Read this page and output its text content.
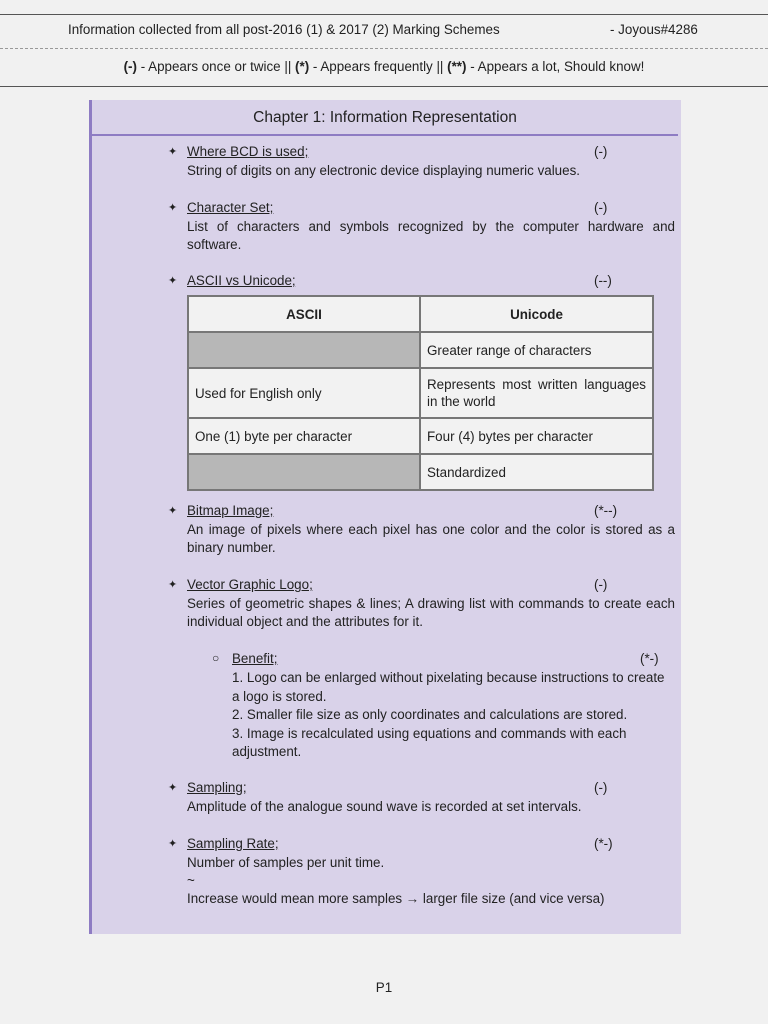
Information collected from all post-2016 (1) & 2017 (2) Marking Schemes	- Joyous#4286
(-) - Appears once or twice || (*) - Appears frequently || (**) - Appears a lot, Should know!
Chapter 1: Information Representation
✦ Where BCD is used;	(-)
String of digits on any electronic device displaying numeric values.
✦ Character Set;	(-)
List of characters and symbols recognized by the computer hardware and software.
✦ ASCII vs Unicode;	(--)
ASCII	Unicode
	Greater range of characters
Used for English only	Represents most written languages in the world
One (1) byte per character	Four (4) bytes per character
	Standardized
✦ Bitmap Image;	(*--)
An image of pixels where each pixel has one color and the color is stored as a binary number.
✦ Vector Graphic Logo;	(-)
Series of geometric shapes & lines; A drawing list with commands to create each individual object and the attributes for it.
○ Benefit;	(*-)
1. Logo can be enlarged without pixelating because instructions to create a logo is stored.
2. Smaller file size as only coordinates and calculations are stored.
3. Image is recalculated using equations and commands with each adjustment.
✦ Sampling;	(-)
Amplitude of the analogue sound wave is recorded at set intervals.
✦ Sampling Rate;	(*-)
Number of samples per unit time.
~
Increase would mean more samples → larger file size (and vice versa)
P1
